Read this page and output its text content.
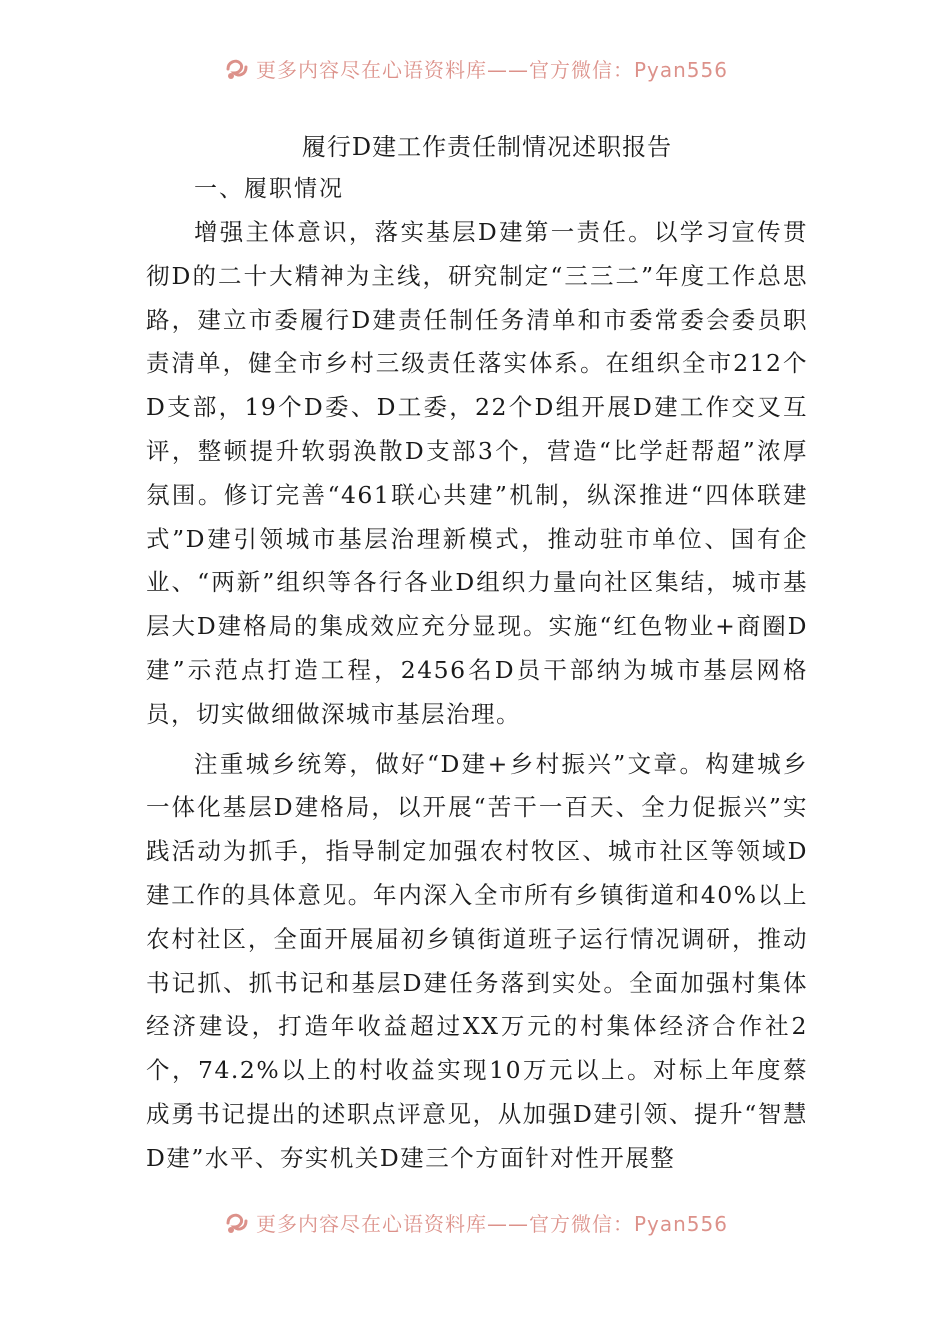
更多内容尽在心语资料库——官方微信：Pyan556
履行D建工作责任制情况述职报告
一、履职情况

增强主体意识，落实基层D建第一责任。以学习宣传贯彻D的二十大精神为主线，研究制定“三三二”年度工作总思路，建立市委履行D建责任制任务清单和市委常委会委员职责清单，健全市乡村三级责任落实体系。在组织全市212个D支部，19个D委、D工委，22个D组开展D建工作交叉互评，整顿提升软弱涣散D支部3个，营造“比学赶帮超”浓厚氛围。修订完善“461联心共建”机制，纵深推进“四体联建式”D建引领城市基层治理新模式，推动驻市单位、国有企业、“两新”组织等各行各业D组织力量向社区集结，城市基层大D建格局的集成效应充分显现。实施“红色物业+商圈D建”示范点打造工程，2456名D员干部纳为城市基层网格员，切实做细做深城市基层治理。

注重城乡统筹，做好“D建+乡村振兴”文章。构建城乡一体化基层D建格局，以开展“苦干一百天、全力促振兴”实践活动为抓手，指导制定加强农村牧区、城市社区等领域D建工作的具体意见。年内深入全市所有乡镇街道和40%以上农村社区，全面开展届初乡镇街道班子运行情况调研，推动书记抓、抓书记和基层D建任务落到实处。全面加强村集体经济建设，打造年收益超过XX万元的村集体经济合作社2个，74.2%以上的村收益实现10万元以上。对标上年度蔡成勇书记提出的述职点评意见，从加强D建引领、提升“智慧D建”水平、夯实机关D建三个方面针对性开展整

更多内容尽在心语资料库——官方微信：Pyan556
